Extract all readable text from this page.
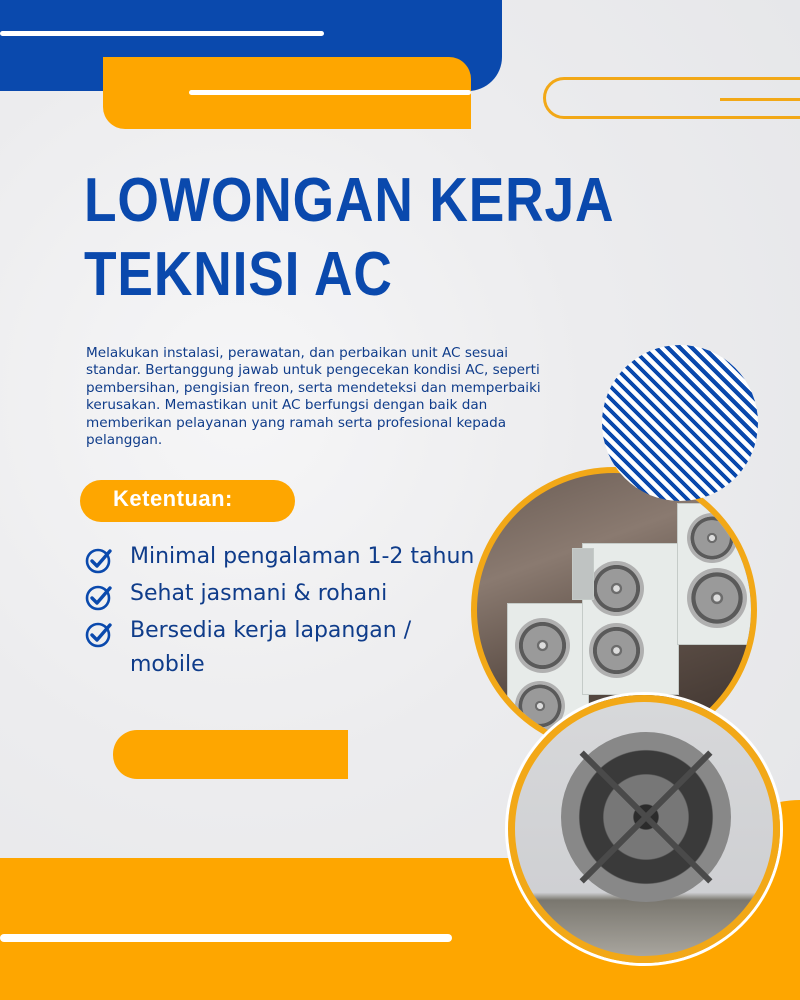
LOWONGAN KERJA
TEKNISI AC
Melakukan instalasi, perawatan, dan perbaikan unit AC sesuai standar. Bertanggung jawab untuk pengecekan kondisi AC, seperti pembersihan, pengisian freon, serta mendeteksi dan memperbaiki kerusakan. Memastikan unit AC berfungsi dengan baik dan memberikan pelayanan yang ramah serta profesional kepada pelanggan.
Ketentuan:
Minimal pengalaman 1-2 tahun
Sehat jasmani & rohani
Bersedia kerja lapangan / mobile
